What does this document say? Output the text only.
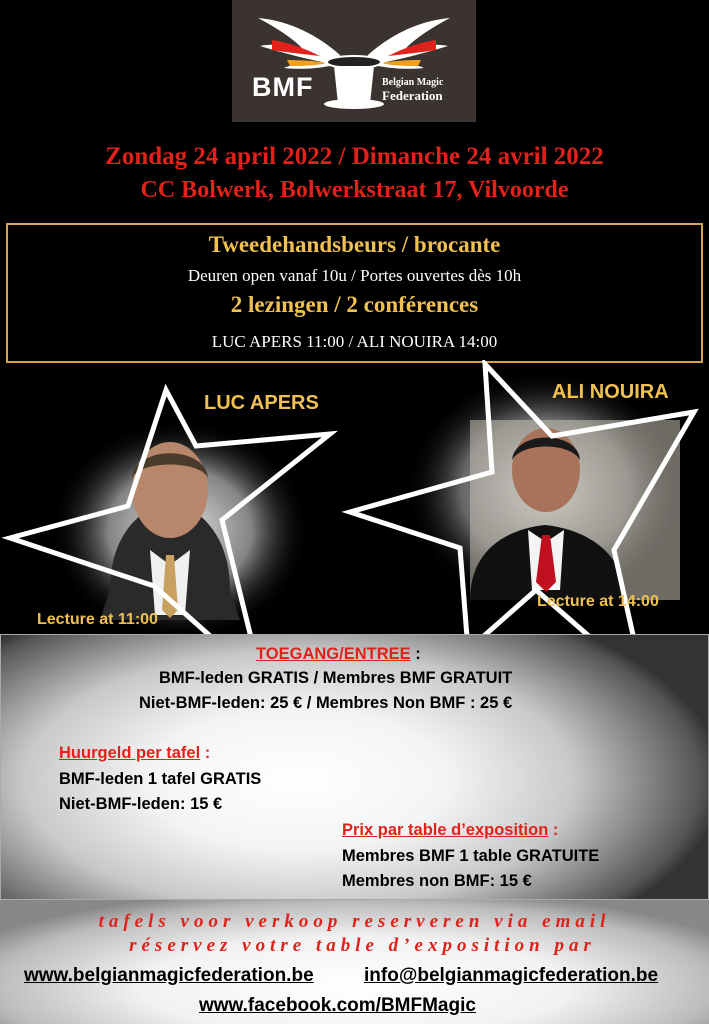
BMF	Belgian Magic
Federation
Zondag 24 april 2022 / Dimanche 24 avril 2022
CC Bolwerk, Bolwerkstraat 17, Vilvoorde
Tweedehandsbeurs / brocante
Deuren open vanaf 10u / Portes ouvertes dès 10h
2 lezingen / 2 conférences
LUC APERS 11:00 / ALI NOUIRA 14:00
LUC APERS	ALI NOUIRA
Lecture at 14:00
TOEGANG/ENTREE :
BMF-leden GRATIS / Membres BMF GRATUIT
Niet-BMF-leden: 25 € / Membres Non BMF : 25 €
Huurgeld per tafel :
BMF-leden 1 tafel GRATIS
Niet-BMF-leden: 15 €
Prix par table d’exposition :
Membres BMF 1 table GRATUITE
Membres non BMF: 15 €
Lecture at 11:00
tafels voor verkoop reserveren via email
réservez votre table d’exposition par
www.belgianmagicfederation.be	info@belgianmagicfederation.be
www.facebook.com/BMFMagic
